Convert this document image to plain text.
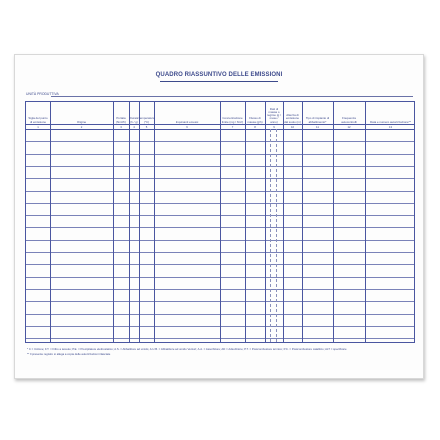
QUADRO RIASSUNTIVO DELLE EMISSIONI
UNITÀ PRODUTTIVA
Sigla del punto di emissione
1
Origine
2
Portata (Nm³/h)
3
Durata (h / g)
4
Temperatura (°C)
5
Inquinanti emessi
6
Concentrazione limite (mg / Nm³)
7
Flusso di massa (g/h)
8
Dati di massa o regime (g / mese / anno)
9
Altezza di emissione dal suolo (m)
10
Tipo di impianto di abbattimento*
11
Frequenza autocontrolli
12
Data e numero autorizzazione**
13
* C = Ciclone; F.T. = Filtro a tessuto; P.E. = Precipitatore elettrostatico; A.S. = Abbattitore ad umido; A.U.B. = Abbattitore ad umido Venturi; A.A. = Assorbitore; AD = Adsorbitore; P.T. = Postcombustore termico; P.C. = Postcombustore catalitico; ALT = specificare
** Il presente registro si allega a copia delle autorizzazioni rilasciate
